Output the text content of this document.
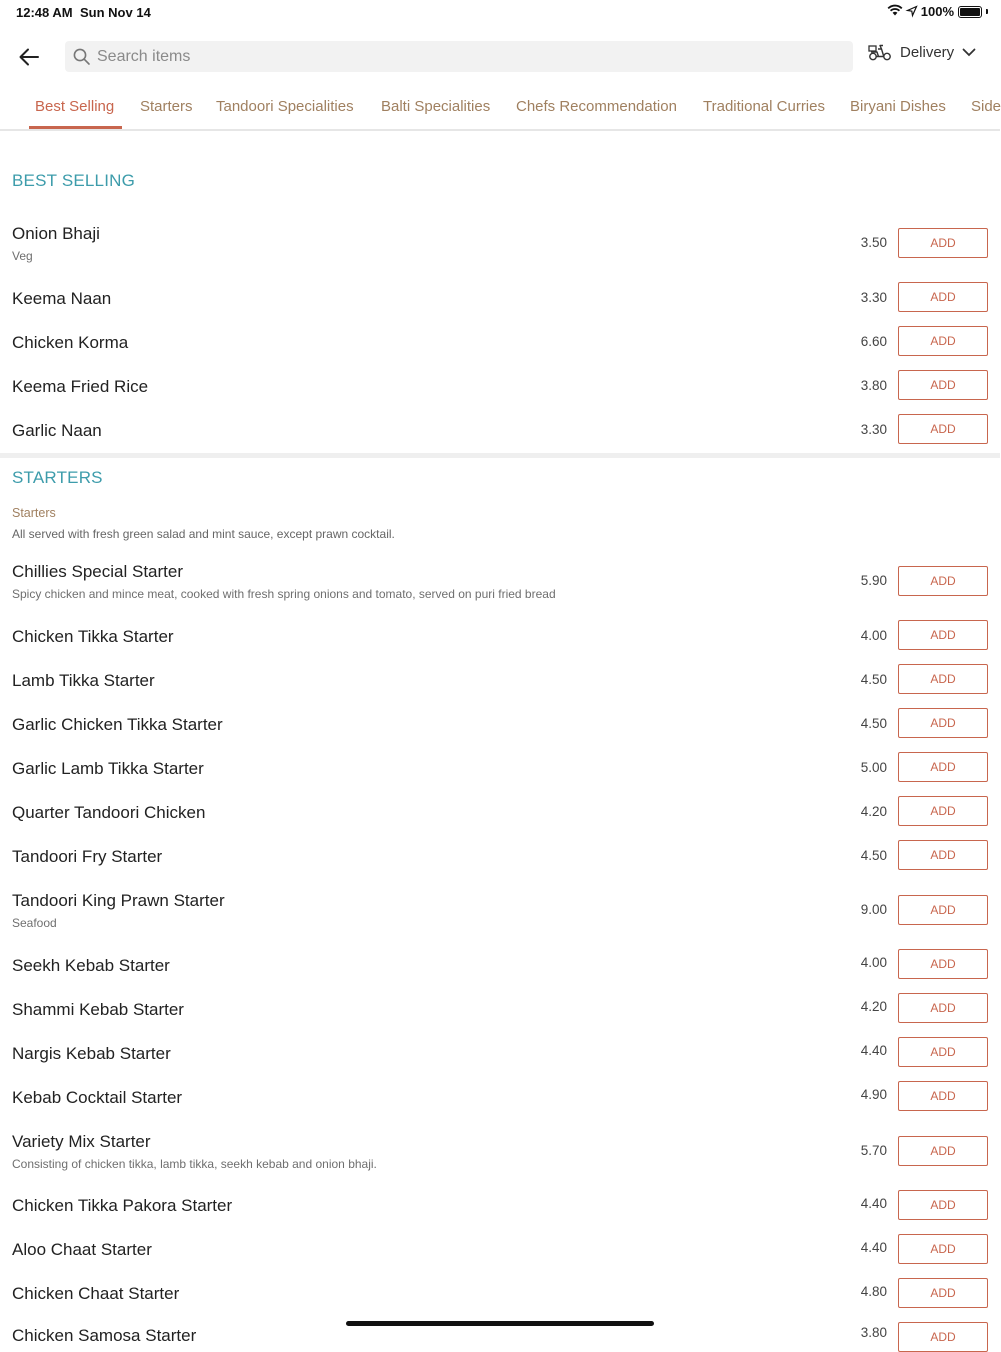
12:48 AM Sun Nov 14	100%
Search items
Delivery
Best Selling Starters Tandoori Specialities Balti Specialities Chefs Recommendation Traditional Curries Biryani Dishes Side
BEST SELLING
Onion Bhaji
Veg
3.50	ADD
Keema Naan	3.30	ADD
Chicken Korma	6.60	ADD
Keema Fried Rice	3.80	ADD
Garlic Naan	3.30	ADD
STARTERS
Starters
All served with fresh green salad and mint sauce, except prawn cocktail.
Chillies Special Starter
Spicy chicken and mince meat, cooked with fresh spring onions and tomato, served on puri fried bread
5.90	ADD
Chicken Tikka Starter	4.00	ADD
Lamb Tikka Starter	4.50	ADD
Garlic Chicken Tikka Starter	4.50	ADD
Garlic Lamb Tikka Starter	5.00	ADD
Quarter Tandoori Chicken	4.20	ADD
Tandoori Fry Starter	4.50	ADD
Tandoori King Prawn Starter
Seafood
9.00	ADD
Seekh Kebab Starter	4.00	ADD
Shammi Kebab Starter	4.20	ADD
Nargis Kebab Starter	4.40	ADD
Kebab Cocktail Starter	4.90	ADD
Variety Mix Starter
Consisting of chicken tikka, lamb tikka, seekh kebab and onion bhaji.
5.70	ADD
Chicken Tikka Pakora Starter	4.40	ADD
Aloo Chaat Starter	4.40	ADD
Chicken Chaat Starter	4.80	ADD
Chicken Samosa Starter	3.80	ADD
